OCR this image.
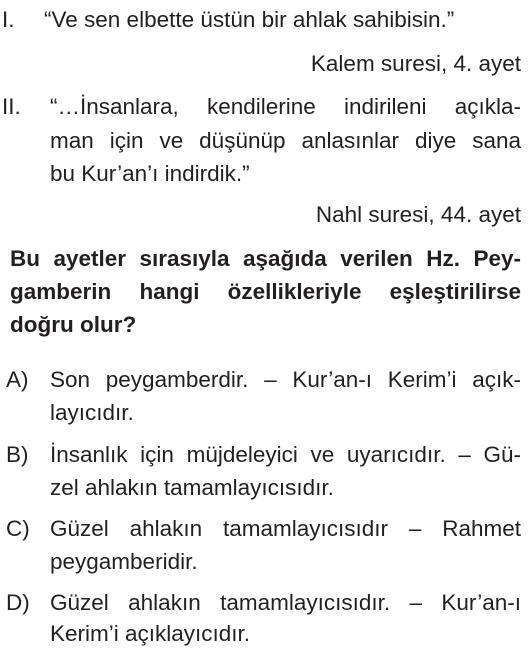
I. “Ve sen elbette üstün bir ahlak sahibisin.”
Kalem suresi, 4. ayet
II. “…İnsanlara, kendilerine indirileni açıkla-
man için ve düşünüp anlasınlar diye sana
bu Kur’an’ı indirdik.”
Nahl suresi, 44. ayet
Bu ayetler sırasıyla aşağıda verilen Hz. Pey-
gamberin hangi özellikleriyle eşleştirilirse
doğru olur?
A) Son peygamberdir. – Kur’an-ı Kerim’i açık-
layıcıdır.
B) İnsanlık için müjdeleyici ve uyarıcıdır. – Gü-
zel ahlakın tamamlayıcısıdır.
C) Güzel ahlakın tamamlayıcısıdır – Rahmet
peygamberidir.
D) Güzel ahlakın tamamlayıcısıdır. – Kur’an-ı
Kerim’i açıklayıcıdır.
